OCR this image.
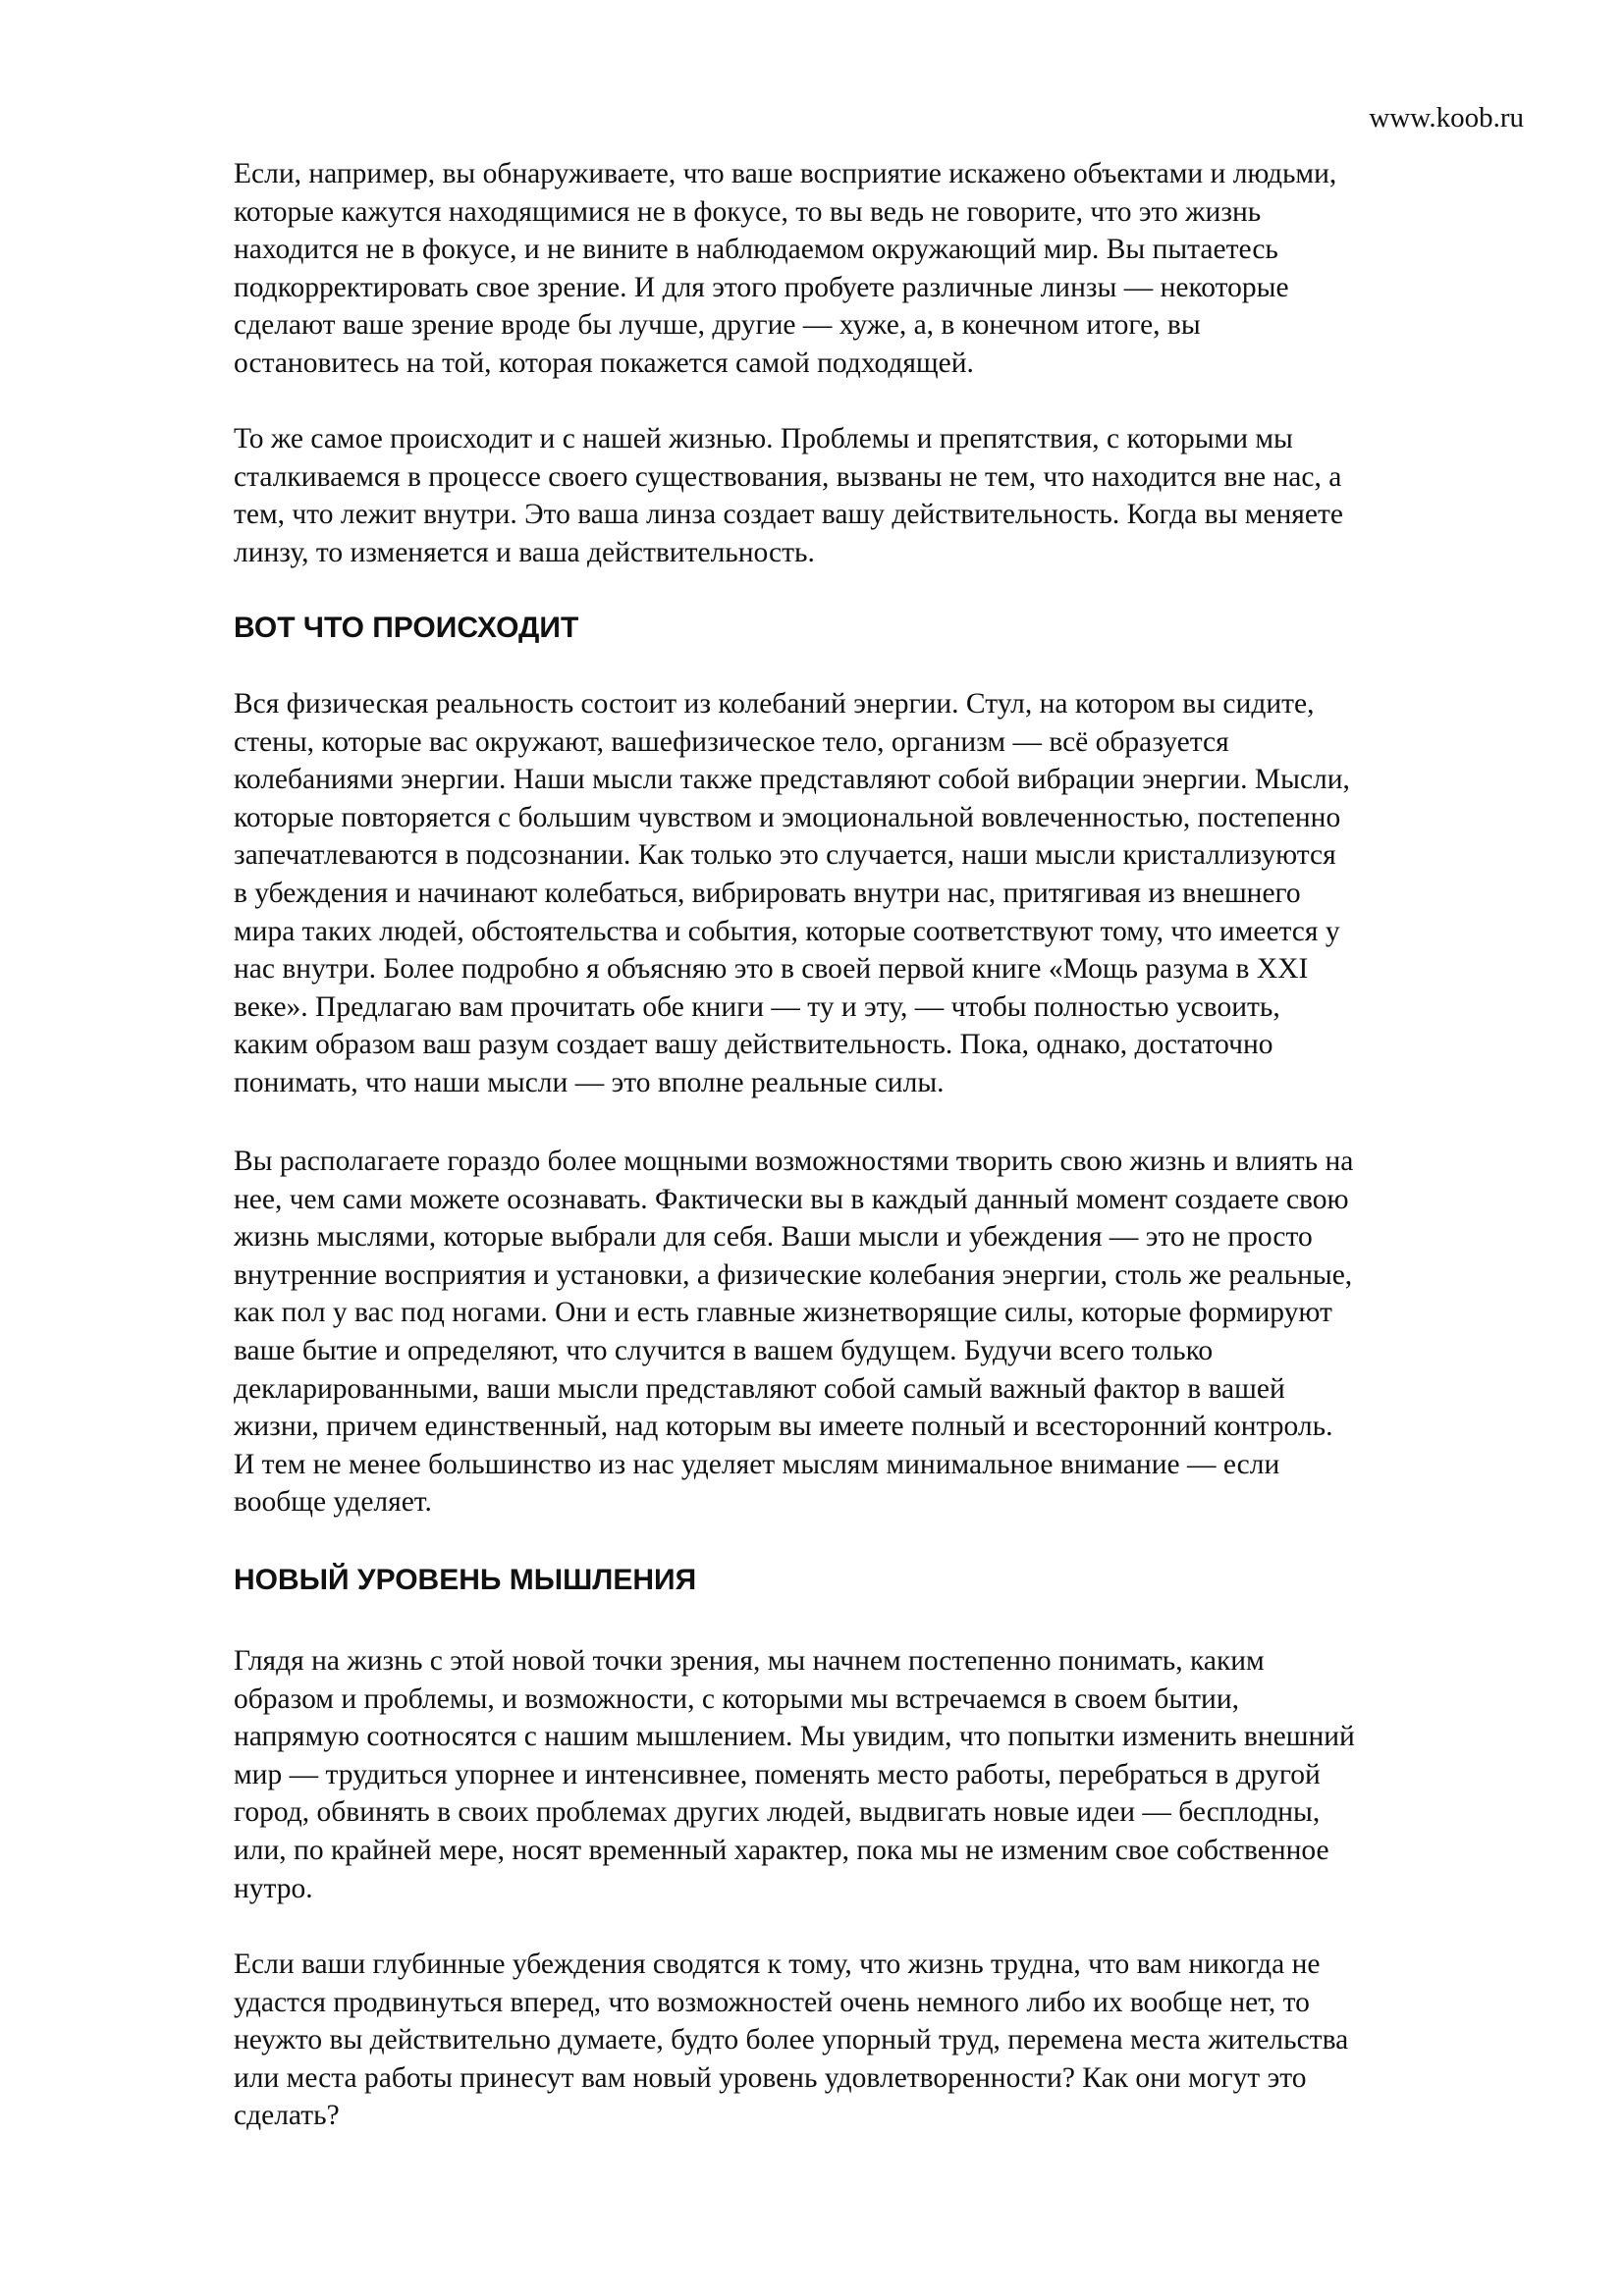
www.koob.ru
Если, например, вы обнаруживаете, что ваше восприятие искажено объектами и людьми,
которые кажутся находящимися не в фокусе, то вы ведь не говорите, что это жизнь
находится не в фокусе, и не вините в наблюдаемом окружающий мир. Вы пытаетесь
подкорректировать свое зрение. И для этого пробуете различные линзы — некоторые
сделают ваше зрение вроде бы лучше, другие — хуже, а, в конечном итоге, вы
остановитесь на той, которая покажется самой подходящей.
То же самое происходит и с нашей жизнью. Проблемы и препятствия, с которыми мы
сталкиваемся в процессе своего существования, вызваны не тем, что находится вне нас, а
тем, что лежит внутри. Это ваша линза создает вашу действительность. Когда вы меняете
линзу, то изменяется и ваша действительность.
ВОТ ЧТО ПРОИСХОДИТ
Вся физическая реальность состоит из колебаний энергии. Стул, на котором вы сидите,
стены, которые вас окружают, вашефизическое тело, организм — всё образуется
колебаниями энергии. Наши мысли также представляют собой вибрации энергии. Мысли,
которые повторяется с большим чувством и эмоциональной вовлеченностью, постепенно
запечатлеваются в подсознании. Как только это случается, наши мысли кристаллизуются
в убеждения и начинают колебаться, вибрировать внутри нас, притягивая из внешнего
мира таких людей, обстоятельства и события, которые соответствуют тому, что имеется у
нас внутри. Более подробно я объясняю это в своей первой книге «Мощь разума в XXI
веке». Предлагаю вам прочитать обе книги — ту и эту, — чтобы полностью усвоить,
каким образом ваш разум создает вашу действительность. Пока, однако, достаточно
понимать, что наши мысли — это вполне реальные силы.
Вы располагаете гораздо более мощными возможностями творить свою жизнь и влиять на
нее, чем сами можете осознавать. Фактически вы в каждый данный момент создаете свою
жизнь мыслями, которые выбрали для себя. Ваши мысли и убеждения — это не просто
внутренние восприятия и установки, а физические колебания энергии, столь же реальные,
как пол у вас под ногами. Они и есть главные жизнетворящие силы, которые формируют
ваше бытие и определяют, что случится в вашем будущем. Будучи всего только
декларированными, ваши мысли представляют собой самый важный фактор в вашей
жизни, причем единственный, над которым вы имеете полный и всесторонний контроль.
И тем не менее большинство из нас уделяет мыслям минимальное внимание — если
вообще уделяет.
НОВЫЙ УРОВЕНЬ МЫШЛЕНИЯ
Глядя на жизнь с этой новой точки зрения, мы начнем постепенно понимать, каким
образом и проблемы, и возможности, с которыми мы встречаемся в своем бытии,
напрямую соотносятся с нашим мышлением. Мы увидим, что попытки изменить внешний
мир — трудиться упорнее и интенсивнее, поменять место работы, перебраться в другой
город, обвинять в своих проблемах других людей, выдвигать новые идеи — бесплодны,
или, по крайней мере, носят временный характер, пока мы не изменим свое собственное
нутро.
Если ваши глубинные убеждения сводятся к тому, что жизнь трудна, что вам никогда не
удастся продвинуться вперед, что возможностей очень немного либо их вообще нет, то
неужто вы действительно думаете, будто более упорный труд, перемена места жительства
или места работы принесут вам новый уровень удовлетворенности? Как они могут это
сделать?
